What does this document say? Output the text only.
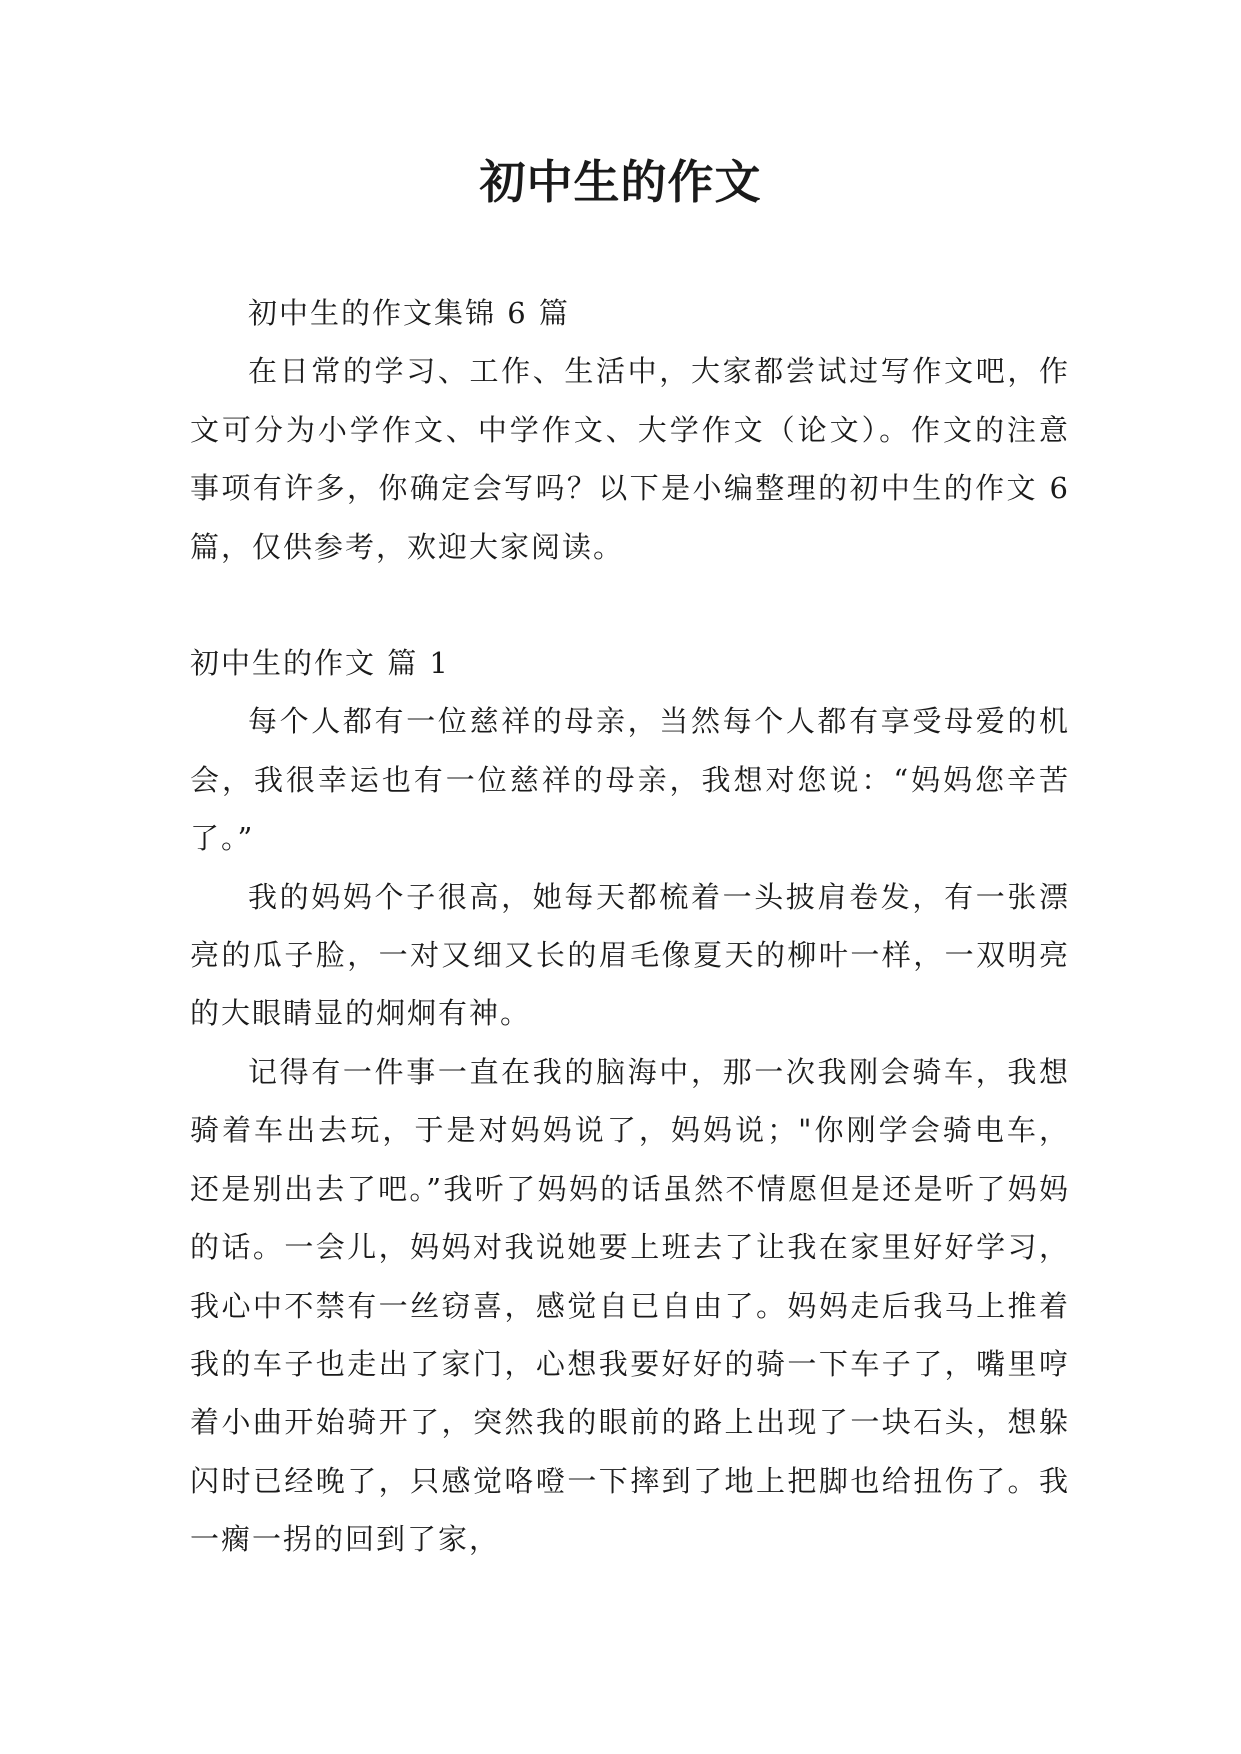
初中生的作文

初中生的作文集锦 6 篇

在日常的学习、工作、生活中，大家都尝试过写作文吧，作文可分为小学作文、中学作文、大学作文（论文）。作文的注意事项有许多，你确定会写吗？以下是小编整理的初中生的作文 6 篇，仅供参考，欢迎大家阅读。

初中生的作文 篇 1

每个人都有一位慈祥的母亲，当然每个人都有享受母爱的机会，我很幸运也有一位慈祥的母亲，我想对您说：“妈妈您辛苦了。”

我的妈妈个子很高，她每天都梳着一头披肩卷发，有一张漂亮的瓜子脸，一对又细又长的眉毛像夏天的柳叶一样，一双明亮的大眼睛显的炯炯有神。

记得有一件事一直在我的脑海中，那一次我刚会骑车，我想骑着车出去玩，于是对妈妈说了，妈妈说；"你刚学会骑电车，还是别出去了吧。”我听了妈妈的话虽然不情愿但是还是听了妈妈的话。一会儿，妈妈对我说她要上班去了让我在家里好好学习，我心中不禁有一丝窃喜，感觉自已自由了。妈妈走后我马上推着我的车子也走出了家门，心想我要好好的骑一下车子了，嘴里哼着小曲开始骑开了，突然我的眼前的路上出现了一块石头，想躲闪时已经晚了，只感觉咯噔一下摔到了地上把脚也给扭伤了。我一瘸一拐的回到了家，
